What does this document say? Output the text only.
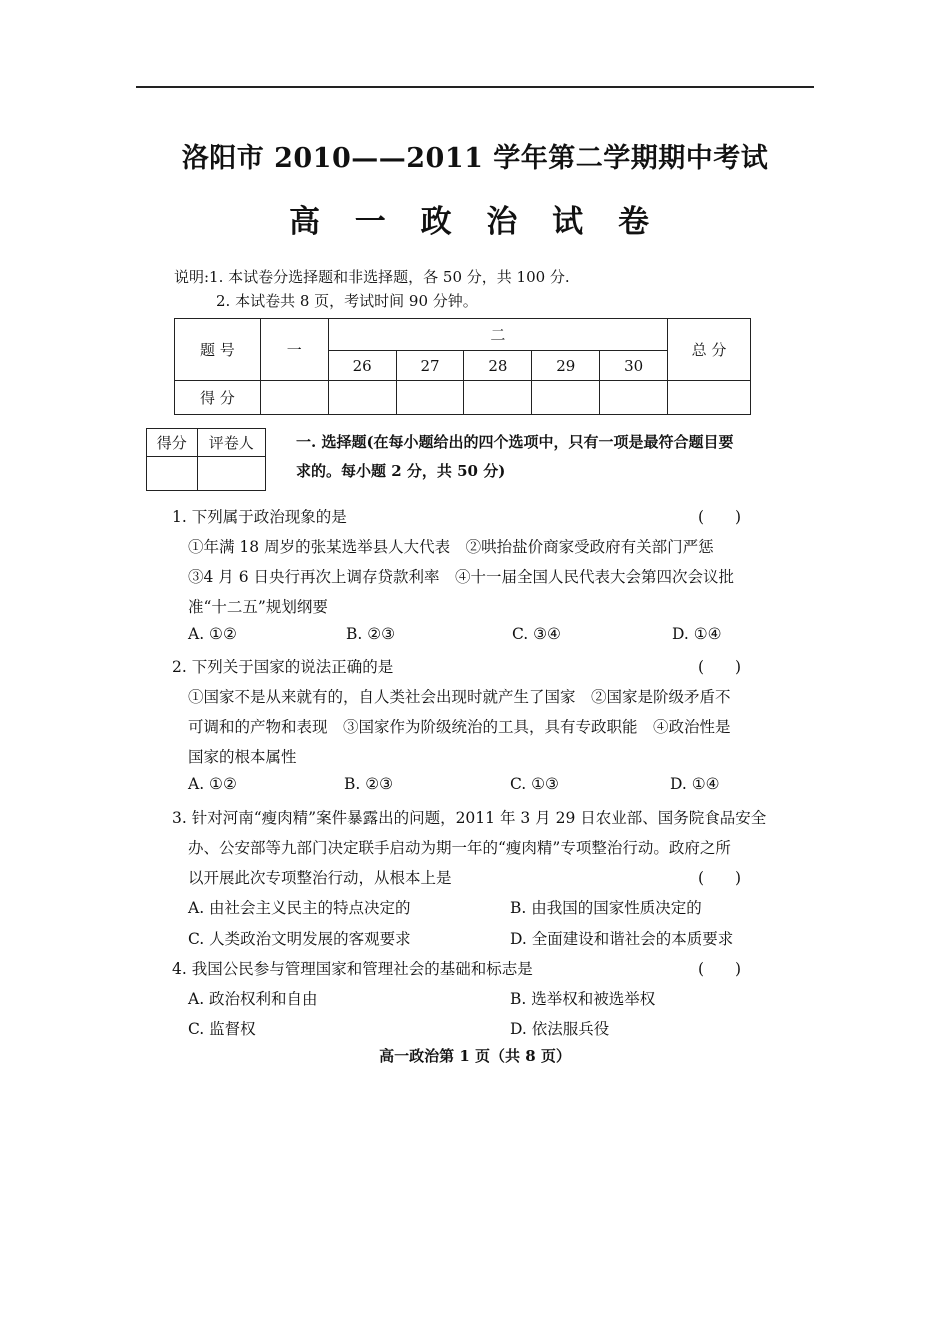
洛阳市 2010——2011 学年第二学期期中考试
高 一 政 治 试 卷
说明:1. 本试卷分选择题和非选择题，各 50 分，共 100 分.
2. 本试卷共 8 页，考试时间 90 分钟。
题 号	一	二					总 分
		26	27	28	29	30	
得 分							
得分	评卷人
		一. 选择题(在每小题给出的四个选项中，只有一项是最符合题目要
求的。每小题 2 分，共 50 分)
1. 下列属于政治现象的是	(　　)
①年满 18 周岁的张某选举县人大代表　②哄抬盐价商家受政府有关部门严惩
③4 月 6 日央行再次上调存贷款利率　④十一届全国人民代表大会第四次会议批
准“十二五”规划纲要
A. ①②	B. ②③	C. ③④	D. ①④
2. 下列关于国家的说法正确的是	(　　)
①国家不是从来就有的，自人类社会出现时就产生了国家　②国家是阶级矛盾不
可调和的产物和表现　③国家作为阶级统治的工具，具有专政职能　④政治性是
国家的根本属性
A. ①②	B. ②③	C. ①③	D. ①④
3. 针对河南“瘦肉精”案件暴露出的问题，2011 年 3 月 29 日农业部、国务院食品安全
办、公安部等九部门决定联手启动为期一年的“瘦肉精”专项整治行动。政府之所
以开展此次专项整治行动，从根本上是	(　　)
A. 由社会主义民主的特点决定的	B. 由我国的国家性质决定的
C. 人类政治文明发展的客观要求	D. 全面建设和谐社会的本质要求
4. 我国公民参与管理国家和管理社会的基础和标志是	(　　)
A. 政治权利和自由	B. 选举权和被选举权
C. 监督权	D. 依法服兵役
高一政治第 1 页（共 8 页）
